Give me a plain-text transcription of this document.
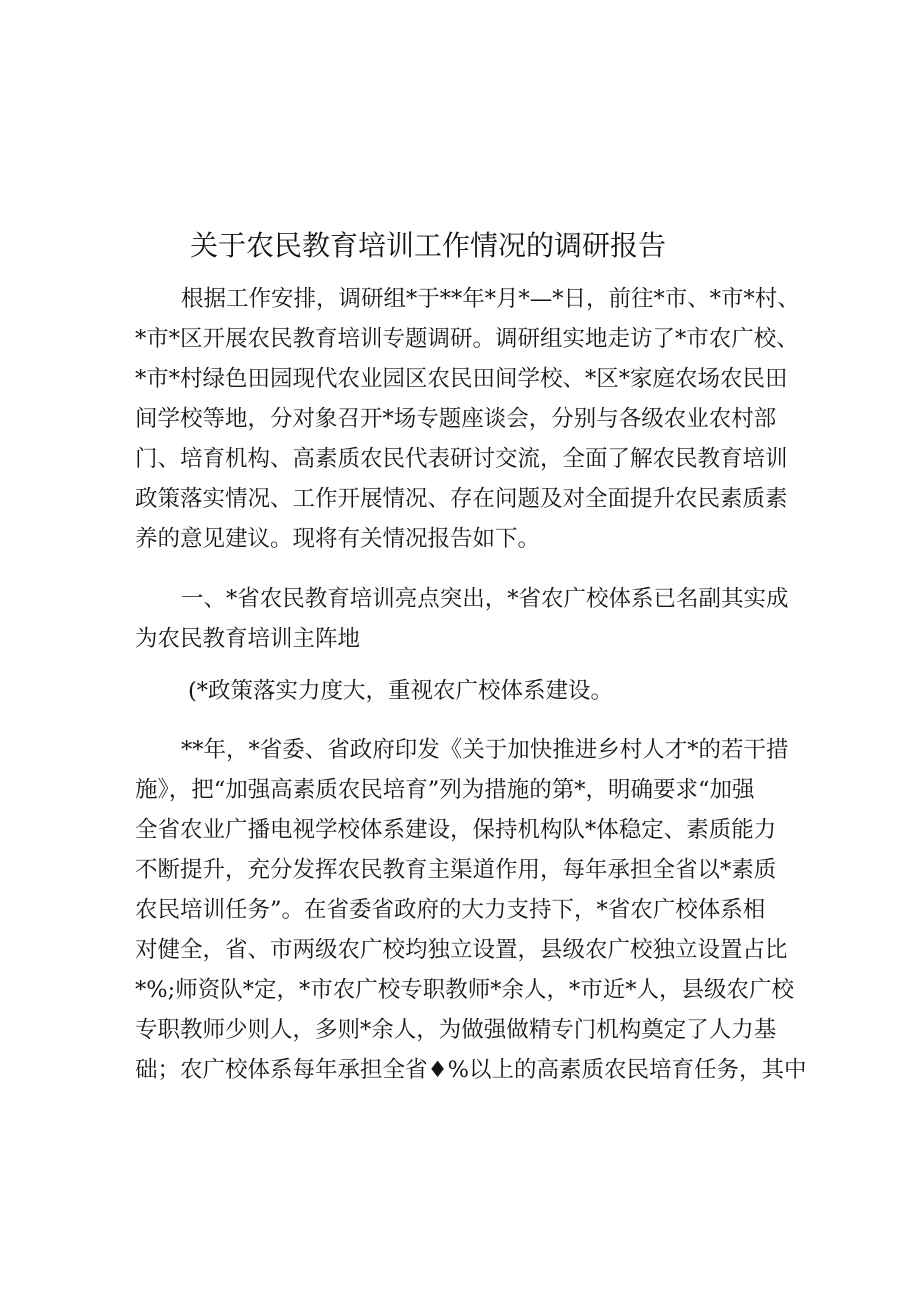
关于农民教育培训工作情况的调研报告
根据工作安排，调研组*于**年*月*—*日，前往*市、*市*村、
*市*区开展农民教育培训专题调研。调研组实地走访了*市农广校、
*市*村绿色田园现代农业园区农民田间学校、*区*家庭农场农民田
间学校等地，分对象召开*场专题座谈会，分别与各级农业农村部
门、培育机构、高素质农民代表研讨交流，全面了解农民教育培训
政策落实情况、工作开展情况、存在问题及对全面提升农民素质素
养的意见建议。现将有关情况报告如下。
一、*省农民教育培训亮点突出，*省农广校体系已名副其实成
为农民教育培训主阵地
(*政策落实力度大，重视农广校体系建设。
**年，*省委、省政府印发《关于加快推进乡村人才*的若干措
施》，把“加强高素质农民培育”列为措施的第*，明确要求“加强
全省农业广播电视学校体系建设，保持机构队*体稳定、素质能力
不断提升，充分发挥农民教育主渠道作用，每年承担全省以*素质
农民培训任务”。在省委省政府的大力支持下，*省农广校体系相
对健全，省、市两级农广校均独立设置，县级农广校独立设置占比
*%;师资队*定，*市农广校专职教师*余人，*市近*人，县级农广校
专职教师少则人，多则*余人，为做强做精专门机构奠定了人力基
础；农广校体系每年承担全省♦%以上的高素质农民培育任务，其中
